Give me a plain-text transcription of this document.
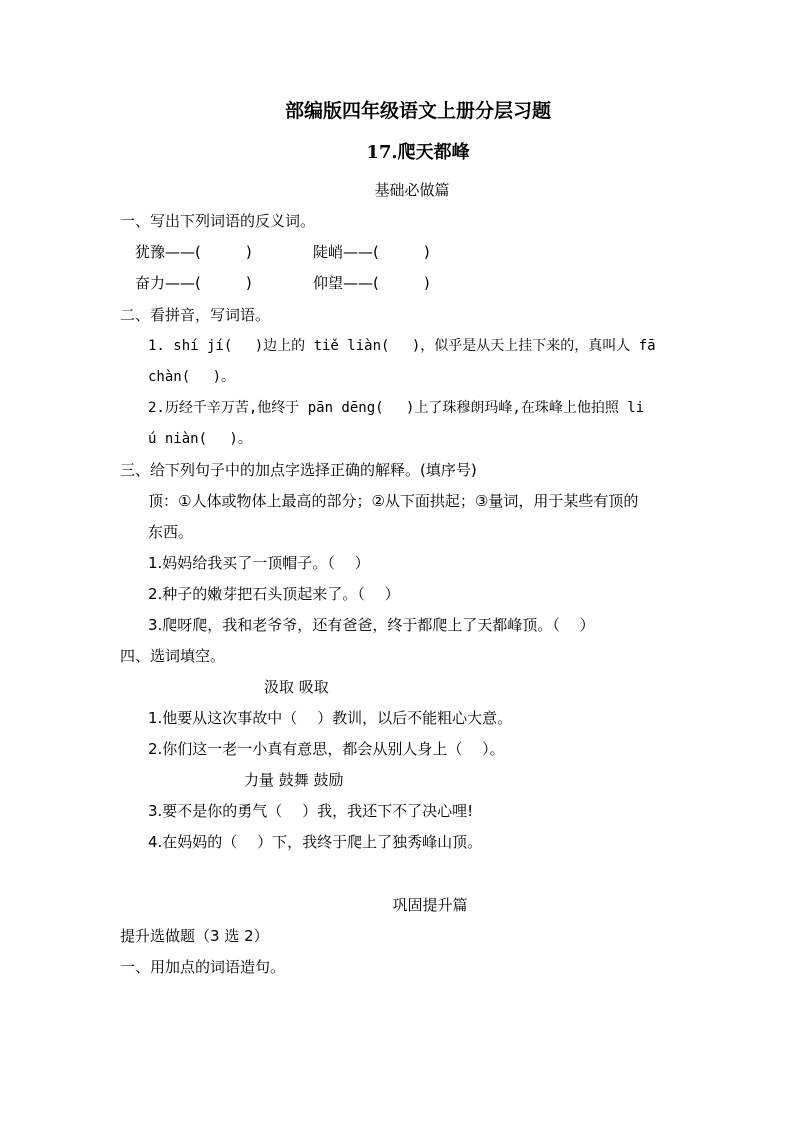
部编版四年级语文上册分层习题
17.爬天都峰
基础必做篇
一、写出下列词语的反义词。
犹豫——(　　　)	陡峭——(　　　)
奋力——(　　　)	仰望——(　　　)
二、看拼音，写词语。
1. shí jí(　 )边上的 tiě liàn(　 )，似乎是从天上挂下来的，真叫人 fā
chàn(　 )。
2.历经千辛万苦,他终于 pān dēng(　 )上了珠穆朗玛峰,在珠峰上他拍照 li
ú niàn(　 )。
三、给下列句子中的加点字选择正确的解释。(填序号)
顶：①人体或物体上最高的部分；②从下面拱起；③量词，用于某些有顶的
东西。
1.妈妈给我买了一顶帽子。（　 ）
2.种子的嫩芽把石头顶起来了。（　 ）
3.爬呀爬，我和老爷爷，还有爸爸，终于都爬上了天都峰顶。（　 ）
四、选词填空。
汲取 吸取
1.他要从这次事故中（　 ）教训，以后不能粗心大意。
2.你们这一老一小真有意思，都会从别人身上（　 ）。
力量 鼓舞 鼓励
3.要不是你的勇气（　 ）我，我还下不了决心哩!
4.在妈妈的（　 ）下，我终于爬上了独秀峰山顶。
巩固提升篇
提升选做题（3 选 2）
一、用加点的词语造句。
